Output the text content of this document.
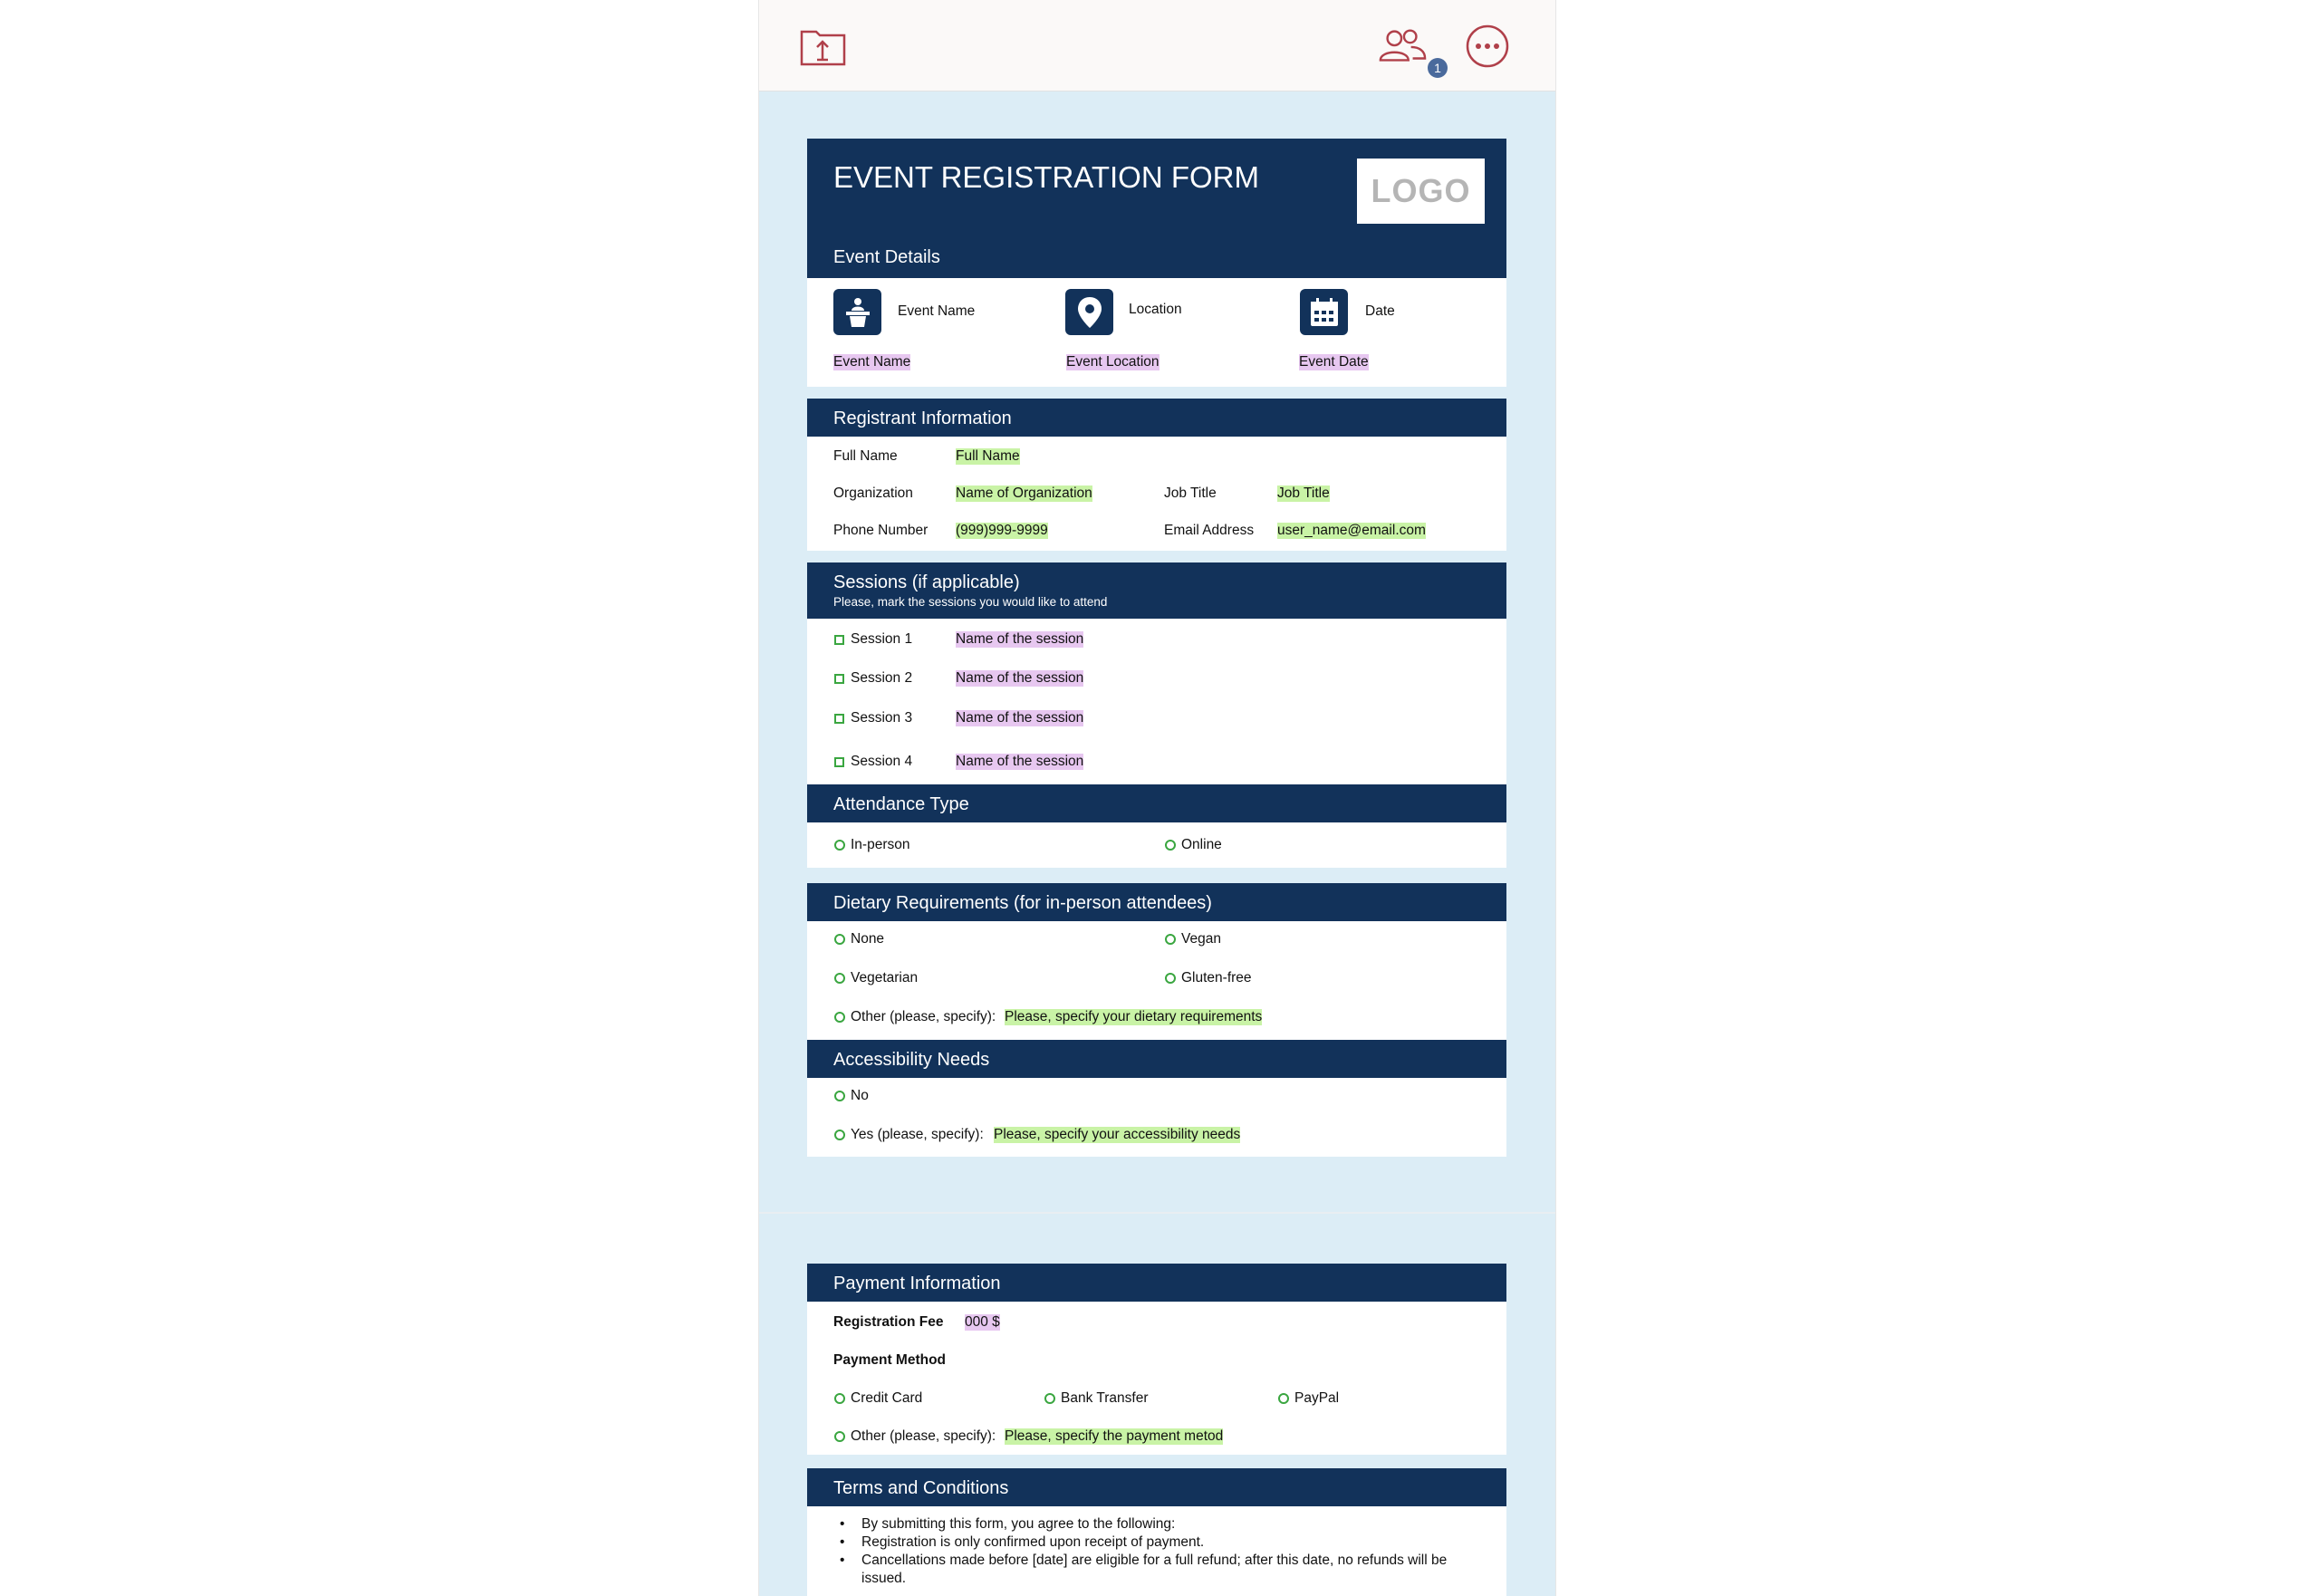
1
EVENT REGISTRATION FORM	LOGO
Event Details
Event Name	Location	Date
Event Name	Event Location	Event Date
Registrant Information
Full Name	Full Name
Organization	Name of Organization	Job Title	Job Title
Phone Number (999)999-9999	Email Address user_name@email.com
Sessions (if applicable)
Please, mark the sessions you would like to attend
Session 1	Name of the session
Session 2	Name of the session
Session 3	Name of the session
Session 4	Name of the session
Attendance Type
In-person	Online
Dietary Requirements (for in-person attendees)
None	Vegan
Vegetarian	Gluten-free
Other (please, specify): Please, specify your dietary requirements
Accessibility Needs
No
Yes (please, specify): Please, specify your accessibility needs
Payment Information
Registration Fee 000 $
Payment Method
Credit Card	Bank Transfer	PayPal
Other (please, specify): Please, specify the payment metod
Terms and Conditions
• By submitting this form, you agree to the following:
• Registration is only confirmed upon receipt of payment.
• Cancellations made before [date] are eligible for a full refund; after this date, no refunds will be issued.
